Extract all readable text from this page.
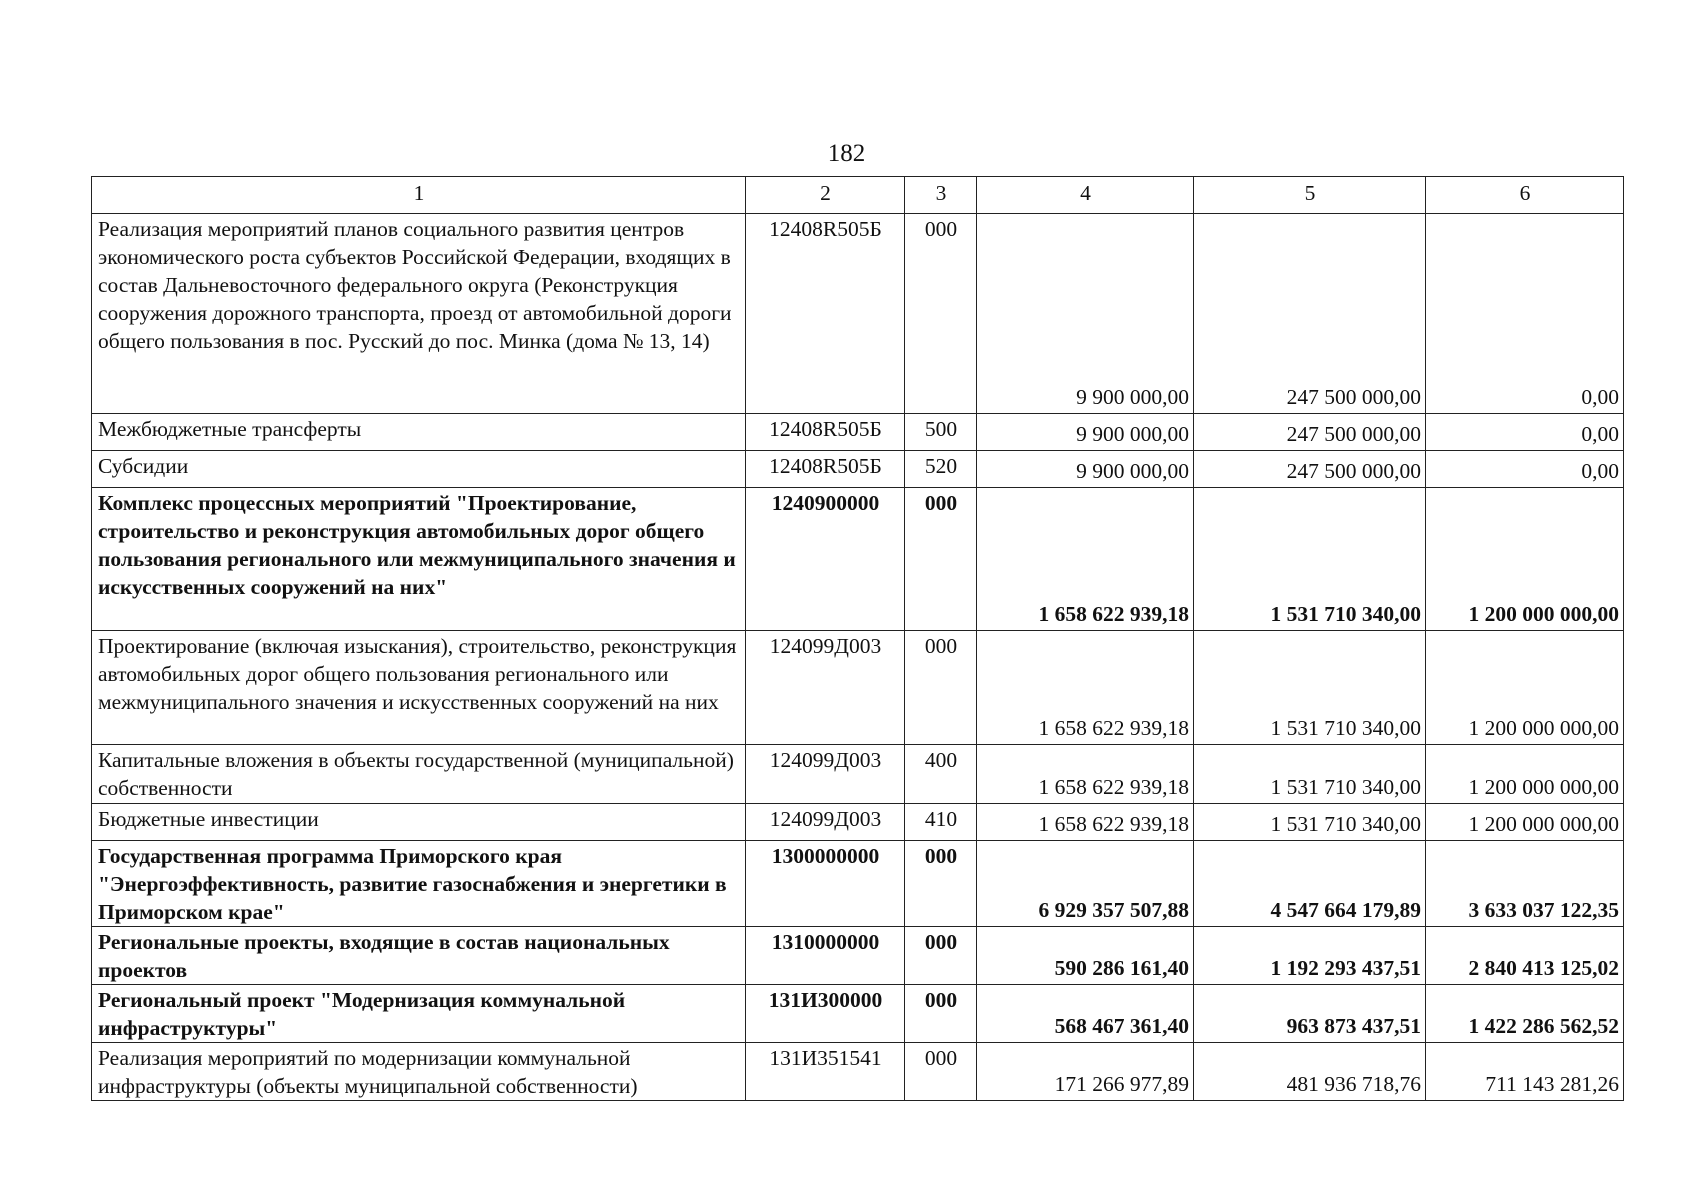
182
1	2	3	4	5	6
Реализация мероприятий планов социального развития центров экономического роста субъектов Российской Федерации, входящих в состав Дальневосточного федерального округа (Реконструкция сооружения дорожного транспорта, проезд от автомобильной дороги общего пользования в пос. Русский до пос. Минка (дома № 13, 14)	12408R505Б	000	9 900 000,00	247 500 000,00	0,00
Межбюджетные трансферты	12408R505Б	500	9 900 000,00	247 500 000,00	0,00
Субсидии	12408R505Б	520	9 900 000,00	247 500 000,00	0,00
Комплекс процессных мероприятий "Проектирование, строительство и реконструкция автомобильных дорог общего пользования регионального или межмуниципального значения и искусственных сооружений на них"	1240900000	000	1 658 622 939,18	1 531 710 340,00	1 200 000 000,00
Проектирование (включая изыскания), строительство, реконструкция автомобильных дорог общего пользования регионального или межмуниципального значения и искусственных сооружений на них	124099Д003	000	1 658 622 939,18	1 531 710 340,00	1 200 000 000,00
Капитальные вложения в объекты государственной (муниципальной) собственности	124099Д003	400	1 658 622 939,18	1 531 710 340,00	1 200 000 000,00
Бюджетные инвестиции	124099Д003	410	1 658 622 939,18	1 531 710 340,00	1 200 000 000,00
Государственная программа Приморского края "Энергоэффективность, развитие газоснабжения и энергетики в Приморском крае"	1300000000	000	6 929 357 507,88	4 547 664 179,89	3 633 037 122,35
Региональные проекты, входящие в состав национальных проектов	1310000000	000	590 286 161,40	1 192 293 437,51	2 840 413 125,02
Региональный проект "Модернизация коммунальной инфраструктуры"	131И300000	000	568 467 361,40	963 873 437,51	1 422 286 562,52
Реализация мероприятий по модернизации коммунальной инфраструктуры (объекты муниципальной собственности)	131И351541	000	171 266 977,89	481 936 718,76	711 143 281,26
